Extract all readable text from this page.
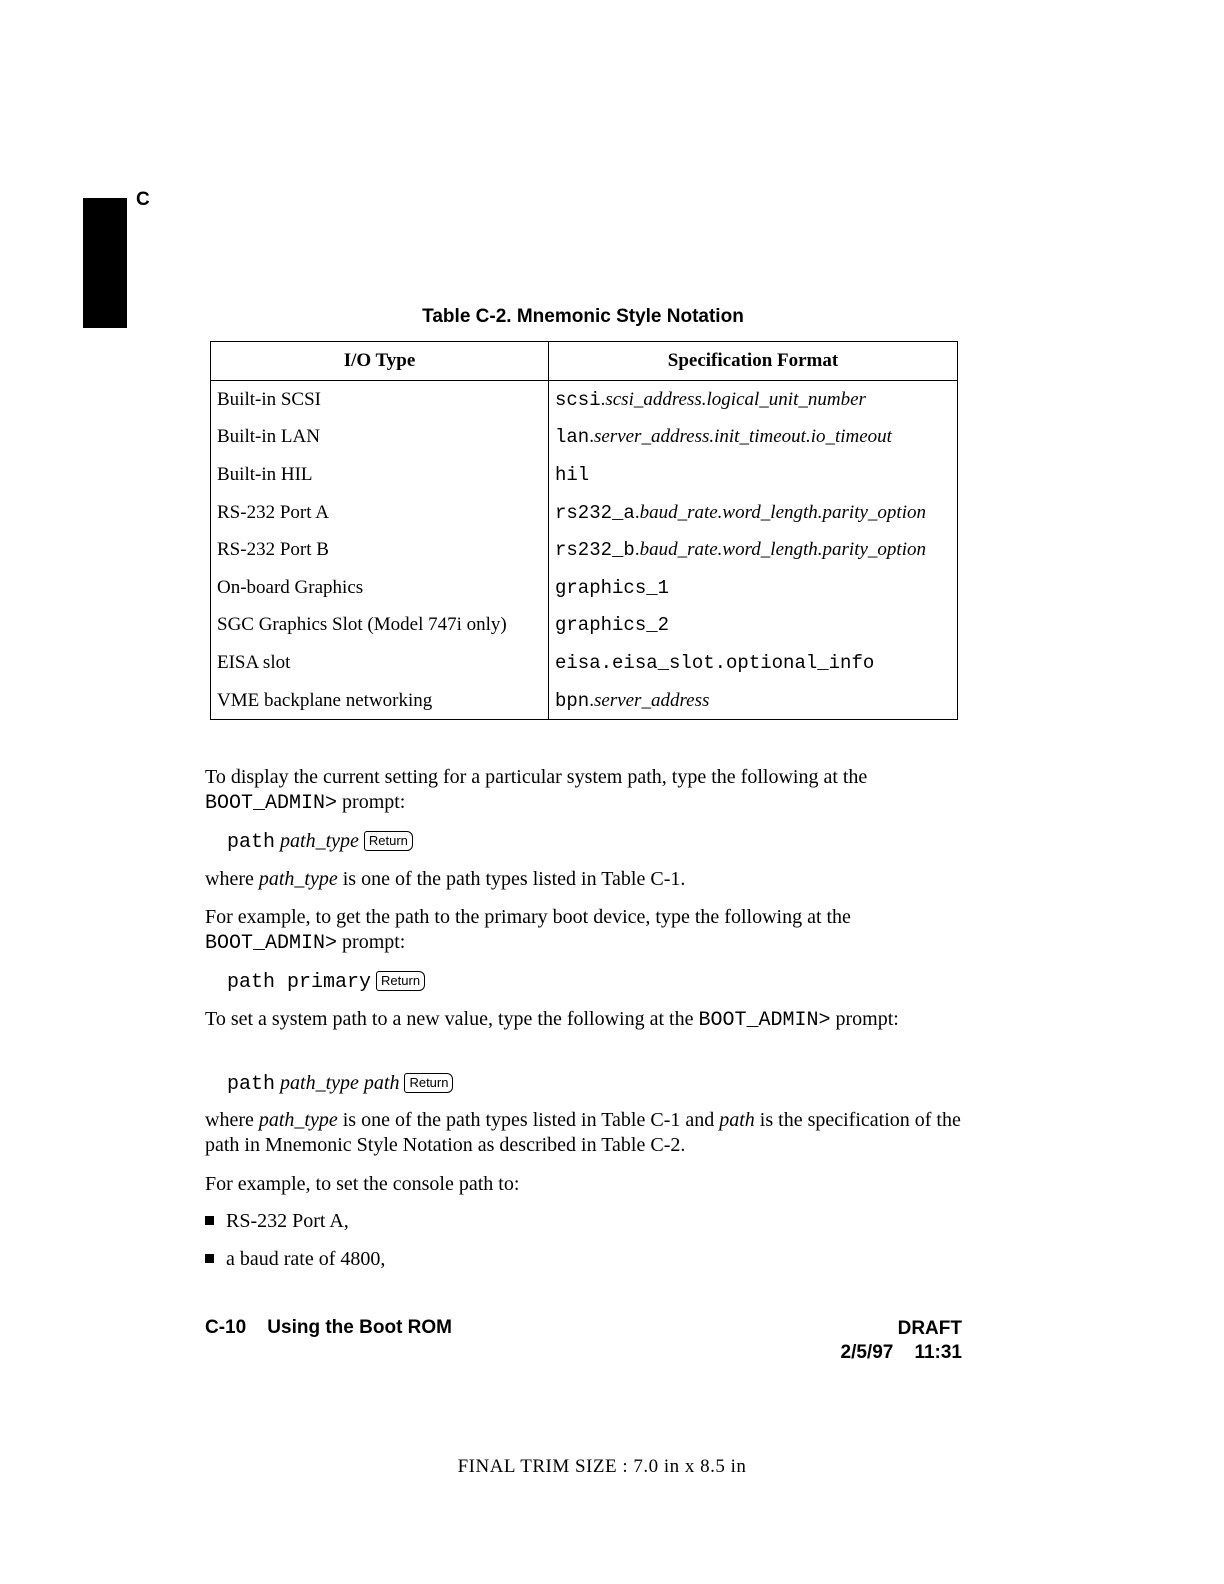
C
Table C-2. Mnemonic Style Notation
I/O Type	Specification Format
Built-in SCSI	scsi.scsi_address.logical_unit_number
Built-in LAN	lan.server_address.init_timeout.io_timeout
Built-in HIL	hil
RS-232 Port A	rs232_a.baud_rate.word_length.parity_option
RS-232 Port B	rs232_b.baud_rate.word_length.parity_option
On-board Graphics	graphics_1
SGC Graphics Slot (Model 747i only)	graphics_2
EISA slot	eisa.eisa_slot.optional_info
VME backplane networking	bpn.server_address
To display the current setting for a particular system path, type the following at the BOOT_ADMIN> prompt:
path path_type Return
where path_type is one of the path types listed in Table C-1.
For example, to get the path to the primary boot device, type the following at the BOOT_ADMIN> prompt:
path primary Return
To set a system path to a new value, type the following at the BOOT_ADMIN> prompt:
path path_type path Return
where path_type is one of the path types listed in Table C-1 and path is the specification of the path in Mnemonic Style Notation as described in Table C-2.
For example, to set the console path to:
RS-232 Port A,
a baud rate of 4800,
C-10    Using the Boot ROM	DRAFT
2/5/97    11:31
FINAL TRIM SIZE : 7.0 in x 8.5 in
